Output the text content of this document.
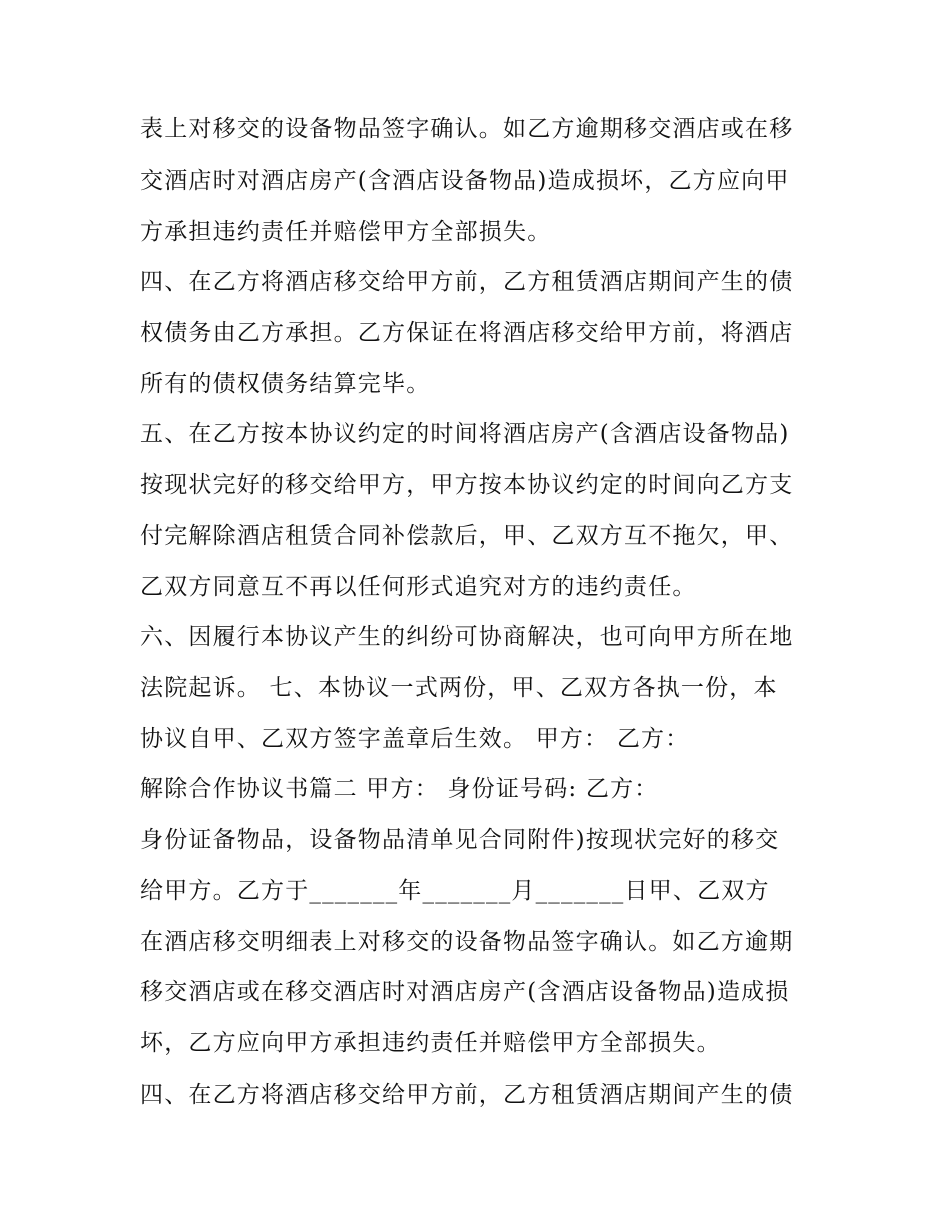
表上对移交的设备物品签字确认。如乙方逾期移交酒店或在移

交酒店时对酒店房产(含酒店设备物品)造成损坏，乙方应向甲

方承担违约责任并赔偿甲方全部损失。

四、在乙方将酒店移交给甲方前，乙方租赁酒店期间产生的债

权债务由乙方承担。乙方保证在将酒店移交给甲方前，将酒店

所有的债权债务结算完毕。

五、在乙方按本协议约定的时间将酒店房产(含酒店设备物品)

按现状完好的移交给甲方，甲方按本协议约定的时间向乙方支

付完解除酒店租赁合同补偿款后，甲、乙双方互不拖欠，甲、

乙双方同意互不再以任何形式追究对方的违约责任。

六、因履行本协议产生的纠纷可协商解决，也可向甲方所在地

法院起诉。 七、本协议一式两份，甲、乙双方各执一份，本

协议自甲、乙双方签字盖章后生效。 甲方： 乙方：

解除合作协议书篇二 甲方： 身份证号码: 乙方：

身份证备物品，设备物品清单见合同附件)按现状完好的移交

给甲方。乙方于_______年_______月_______日甲、乙双方

在酒店移交明细表上对移交的设备物品签字确认。如乙方逾期

移交酒店或在移交酒店时对酒店房产(含酒店设备物品)造成损

坏，乙方应向甲方承担违约责任并赔偿甲方全部损失。

四、在乙方将酒店移交给甲方前，乙方租赁酒店期间产生的债
